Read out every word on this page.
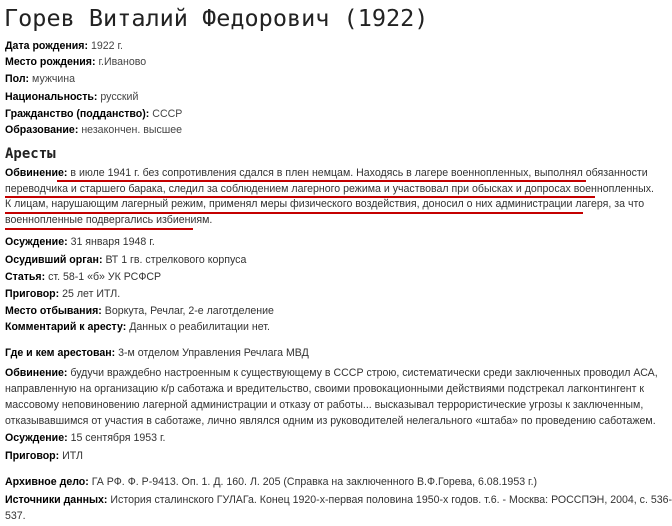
Горев Виталий Федорович (1922)
Дата рождения: 1922 г.
Место рождения: г.Иваново
Пол: мужчина
Национальность: русский
Гражданство (подданство): СССР
Образование: незакончен. высшее
Аресты
Обвинение: в июле 1941 г. без сопротивления сдался в плен немцам. Находясь в лагере военнопленных, выполнял обязанности
переводчика и старшего барака, следил за соблюдением лагерного режима и участвовал при обысках и допросах военнопленных.
К лицам, нарушающим лагерный режим, применял меры физического воздействия, доносил о них администрации лагеря, за что
военнопленные подвергались избиениям.
Осуждение: 31 января 1948 г.
Осудивший орган: ВТ 1 гв. стрелкового корпуса
Статья: ст. 58-1 «б» УК РСФСР
Приговор: 25 лет ИТЛ.
Место отбывания: Воркута, Речлаг, 2-е лаготделение
Комментарий к аресту: Данных о реабилитации нет.
Где и кем арестован: 3-м отделом Управления Речлага МВД
Обвинение: будучи враждебно настроенным к существующему в СССР строю, систематически среди заключенных проводил АСА,
направленную на организацию к/р саботажа и вредительство, своими провокационными действиями подстрекал лагконтингент к
массовому неповиновению лагерной администрации и отказу от работы... высказывал террористические угрозы к заключенным,
отказывавшимся от участия в саботаже, лично являлся одним из руководителей нелегального «штаба» по проведению саботажем.
Осуждение: 15 сентября 1953 г.
Приговор: ИТЛ
Архивное дело: ГА РФ. Ф. Р-9413. Оп. 1. Д. 160. Л. 205 (Справка на заключенного В.Ф.Горева, 6.08.1953 г.)
Источники данных: История сталинского ГУЛАГа. Конец 1920-х-первая половина 1950-х годов. т.6. - Москва: РОССПЭН, 2004, с. 536-
537.
